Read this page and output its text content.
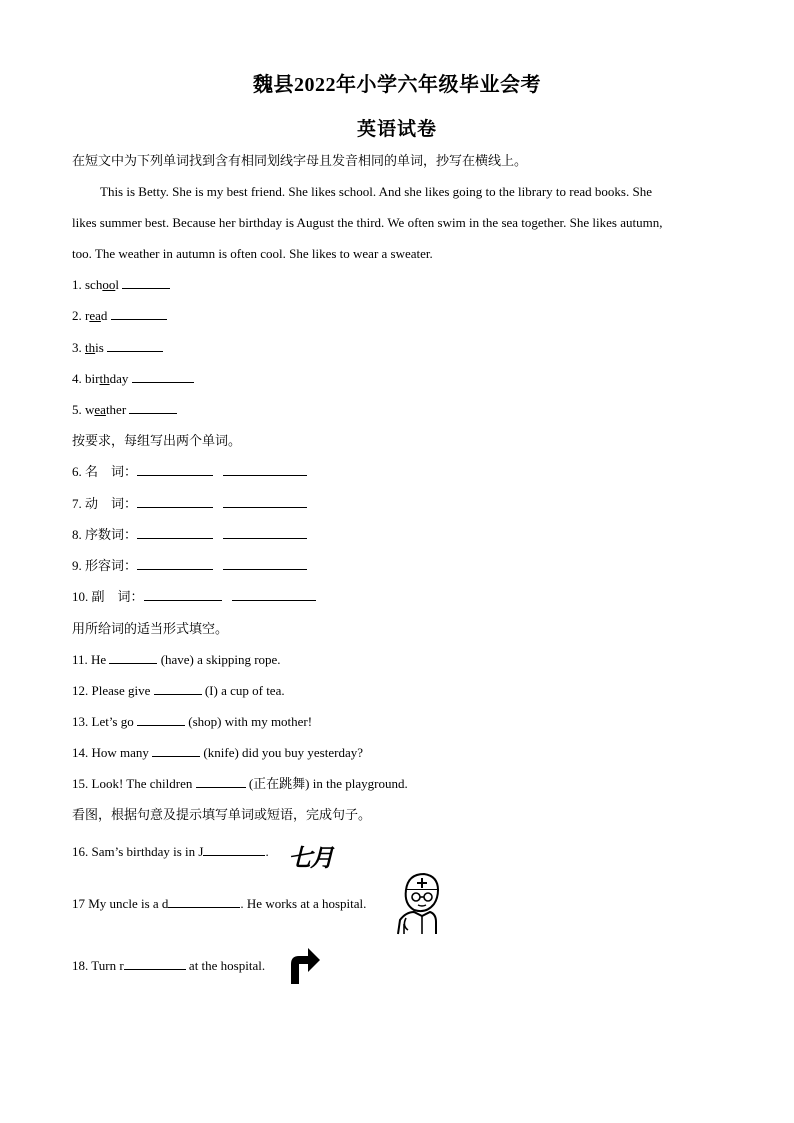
魏县2022年小学六年级毕业会考
英语试卷
在短文中为下列单词找到含有相同划线字母且发音相同的单词，抄写在横线上。
This is Betty. She is my best friend. She likes school. And she likes going to the library to read books. She
likes summer best. Because her birthday is August the third. We often swim in the sea together. She likes autumn,
too. The weather in autumn is often cool. She likes to wear a sweater.
1. school
2. read
3. this
4. birthday
5. weather
按要求，每组写出两个单词。
6. 名　词：
7. 动　词：
8. 序数词：
9. 形容词：
10. 副　词：
用所给词的适当形式填空。
11. He	(have) a skipping rope.
12. Please give	(I) a cup of tea.
13. Let’s go	(shop) with my mother!
14. How many	(knife) did you buy yesterday?
15. Look! The children	(正在跳舞) in the playground.
看图，根据句意及提示填写单词或短语，完成句子。
16. Sam’s birthday is in J	. 七月
17 My uncle is a d	. He works at a hospital.
18. Turn r	at the hospital.
